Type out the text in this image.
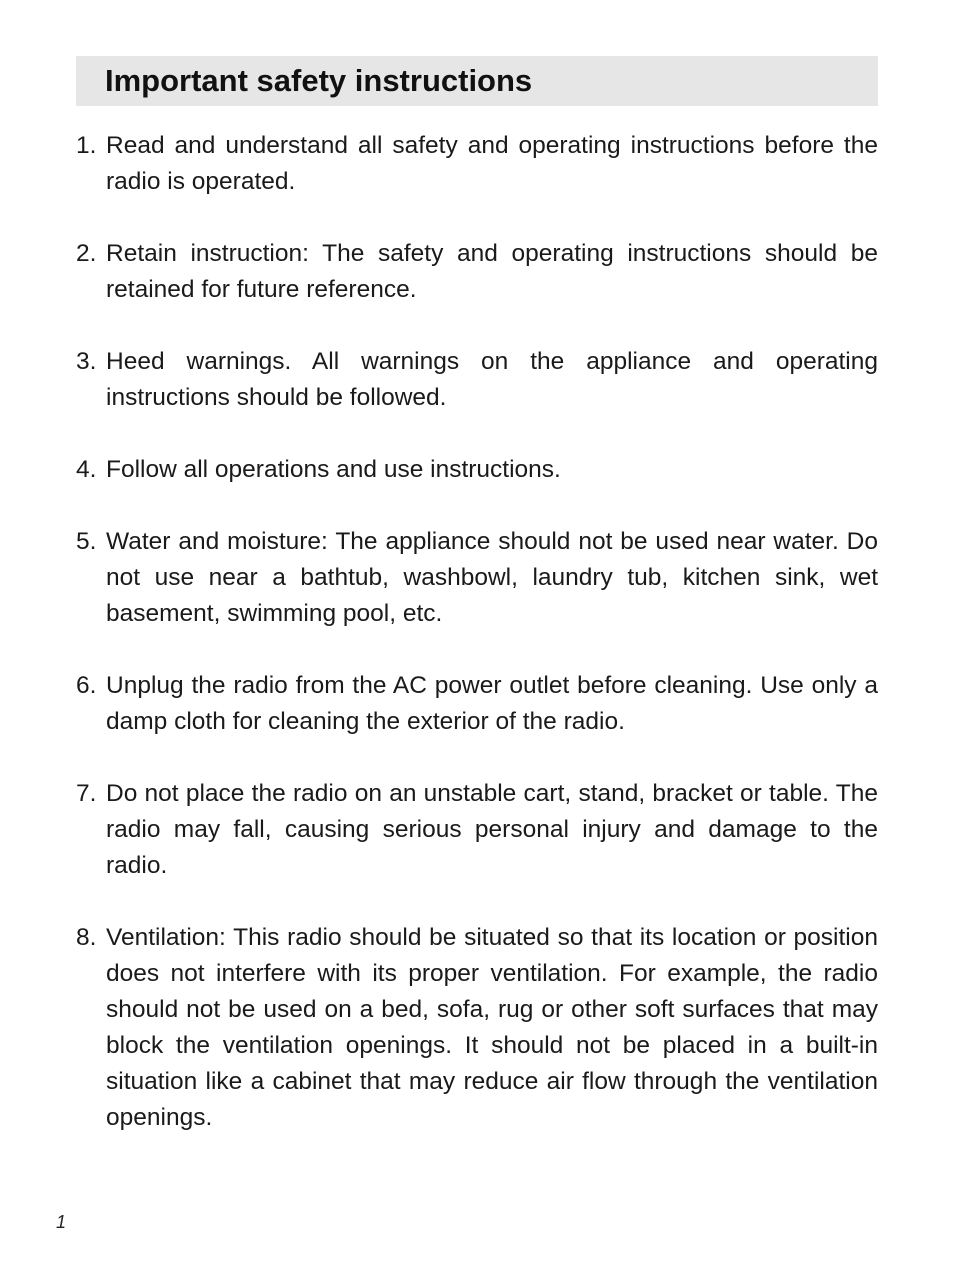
Important safety instructions
1. Read and understand all safety and operating instructions before the radio is operated.
2. Retain instruction: The safety and operating instructions should be retained for future reference.
3. Heed warnings. All warnings on the appliance and operating instructions should be followed.
4. Follow all operations and use instructions.
5. Water and moisture: The appliance should not be used near water. Do not use near a bathtub, washbowl, laundry tub, kitchen sink, wet basement, swimming pool, etc.
6. Unplug the radio from the AC power outlet before cleaning. Use only a damp cloth for cleaning the exterior of the radio.
7. Do not place the radio on an unstable cart, stand, bracket or table. The radio may fall, causing serious personal injury and damage to the radio.
8. Ventilation: This radio should be situated so that its location or position does not interfere with its proper ventilation. For example, the radio should not be used on a bed, sofa, rug or other soft surfaces that may block the ventilation openings. It should not be placed in a built-in situation like a cabinet that may reduce air flow through the ventilation openings.
1
